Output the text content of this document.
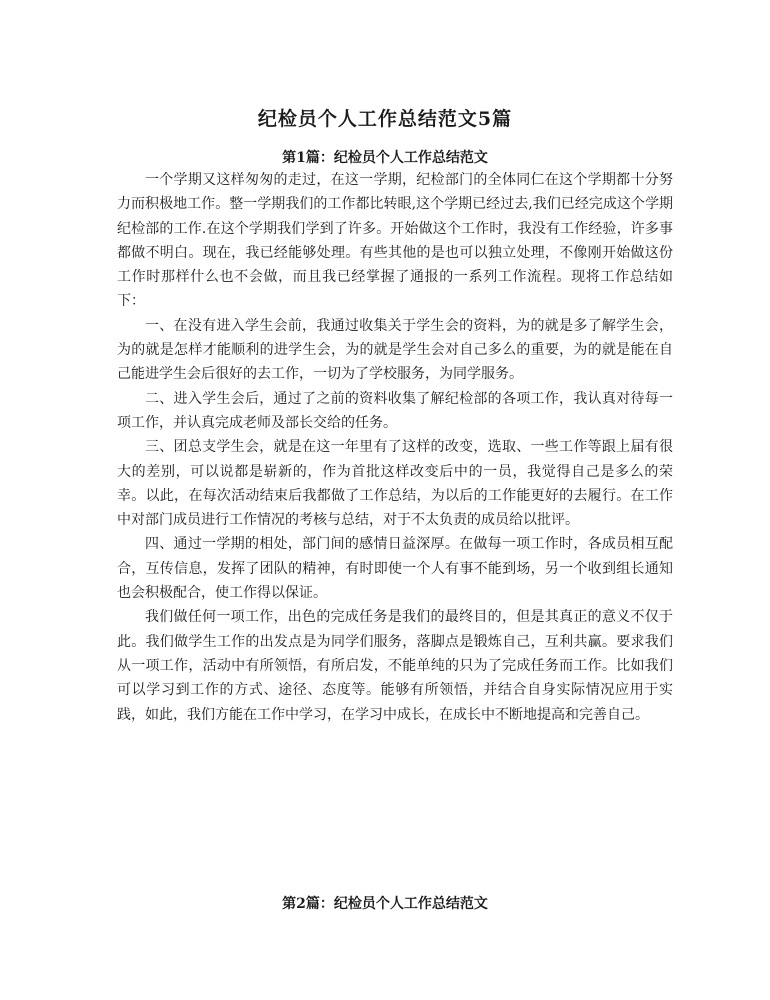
纪检员个人工作总结范文5篇
第1篇：纪检员个人工作总结范文

一个学期又这样匆匆的走过，在这一学期，纪检部门的全体同仁在这个学期都十分努力而积极地工作。整一学期我们的工作都比转眼,这个学期已经过去,我们已经完成这个学期纪检部的工作.在这个学期我们学到了许多。开始做这个工作时，我没有工作经验，许多事都做不明白。现在，我已经能够处理。有些其他的是也可以独立处理，不像刚开始做这份工作时那样什么也不会做，而且我已经掌握了通报的一系列工作流程。现将工作总结如下：

一、在没有进入学生会前，我通过收集关于学生会的资料，为的就是多了解学生会，为的就是怎样才能顺利的进学生会，为的就是学生会对自己多么的重要，为的就是能在自己能进学生会后很好的去工作，一切为了学校服务，为同学服务。

二、进入学生会后，通过了之前的资料收集了解纪检部的各项工作，我认真对待每一项工作，并认真完成老师及部长交给的任务。

三、团总支学生会，就是在这一年里有了这样的改变，选取、一些工作等跟上届有很大的差别，可以说都是崭新的，作为首批这样改变后中的一员，我觉得自己是多么的荣幸。以此，在每次活动结束后我都做了工作总结，为以后的工作能更好的去履行。在工作中对部门成员进行工作情况的考核与总结，对于不太负责的成员给以批评。

四、通过一学期的相处，部门间的感情日益深厚。在做每一项工作时，各成员相互配合，互传信息，发挥了团队的精神，有时即使一个人有事不能到场，另一个收到组长通知也会积极配合，使工作得以保证。

我们做任何一项工作，出色的完成任务是我们的最终目的，但是其真正的意义不仅于此。我们做学生工作的出发点是为同学们服务，落脚点是锻炼自己，互利共赢。要求我们从一项工作，活动中有所领悟，有所启发，不能单纯的只为了完成任务而工作。比如我们可以学习到工作的方式、途径、态度等。能够有所领悟，并结合自身实际情况应用于实践，如此，我们方能在工作中学习，在学习中成长，在成长中不断地提高和完善自己。

第2篇：纪检员个人工作总结范文
